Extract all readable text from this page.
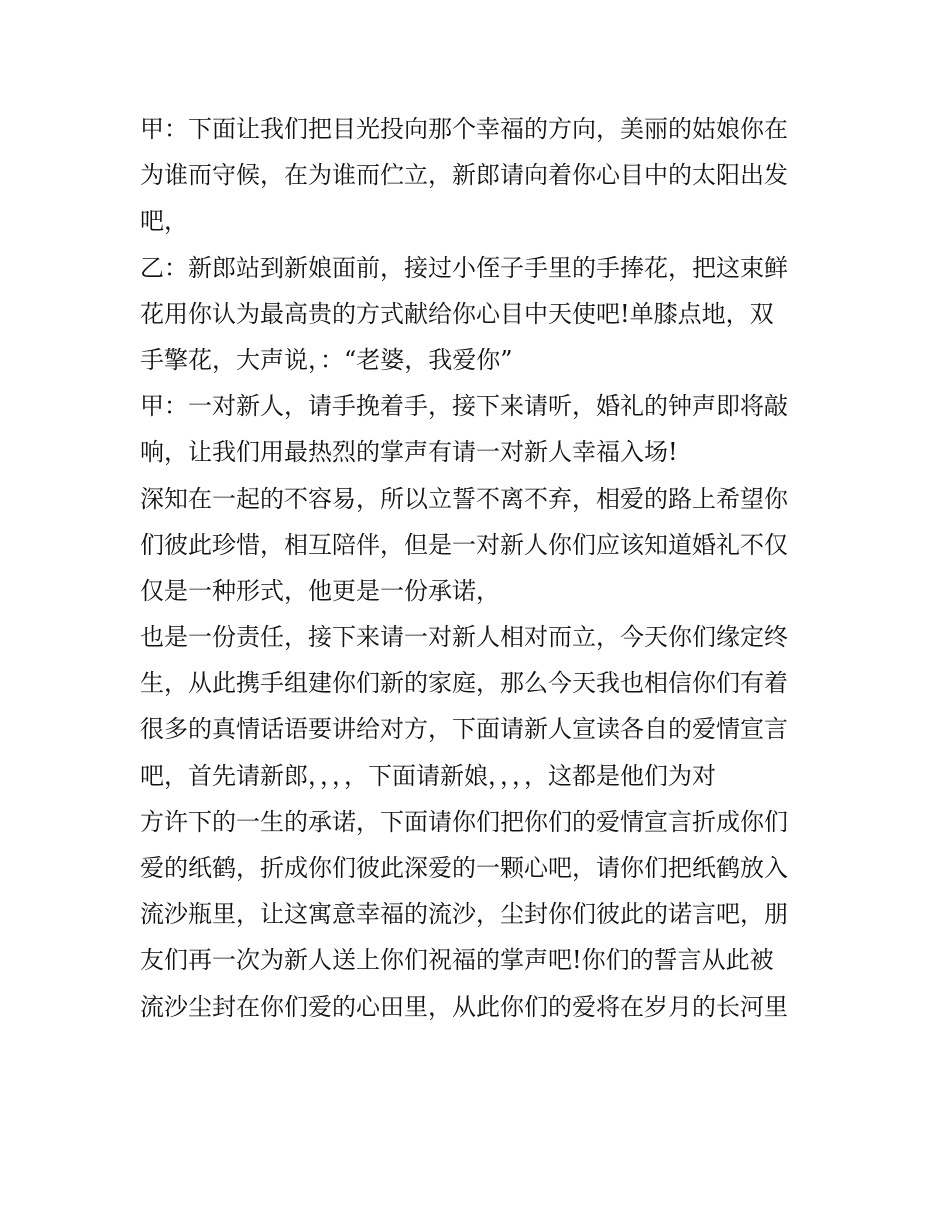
甲：下面让我们把目光投向那个幸福的方向，美丽的姑娘你在
为谁而守候，在为谁而伫立，新郎请向着你心目中的太阳出发
吧，
乙：新郎站到新娘面前，接过小侄子手里的手捧花，把这束鲜
花用你认为最高贵的方式献给你心目中天使吧!单膝点地，双
手擎花，大声说，：“老婆，我爱你”
甲：一对新人，请手挽着手，接下来请听，婚礼的钟声即将敲
响，让我们用最热烈的掌声有请一对新人幸福入场!
深知在一起的不容易，所以立誓不离不弃，相爱的路上希望你
们彼此珍惜，相互陪伴，但是一对新人你们应该知道婚礼不仅
仅是一种形式，他更是一份承诺，
也是一份责任，接下来请一对新人相对而立，今天你们缘定终
生，从此携手组建你们新的家庭，那么今天我也相信你们有着
很多的真情话语要讲给对方，下面请新人宣读各自的爱情宣言
吧，首先请新郎，，，，下面请新娘，，，，这都是他们为对
方许下的一生的承诺，下面请你们把你们的爱情宣言折成你们
爱的纸鹤，折成你们彼此深爱的一颗心吧，请你们把纸鹤放入
流沙瓶里，让这寓意幸福的流沙，尘封你们彼此的诺言吧，朋
友们再一次为新人送上你们祝福的掌声吧!你们的誓言从此被
流沙尘封在你们爱的心田里，从此你们的爱将在岁月的长河里
